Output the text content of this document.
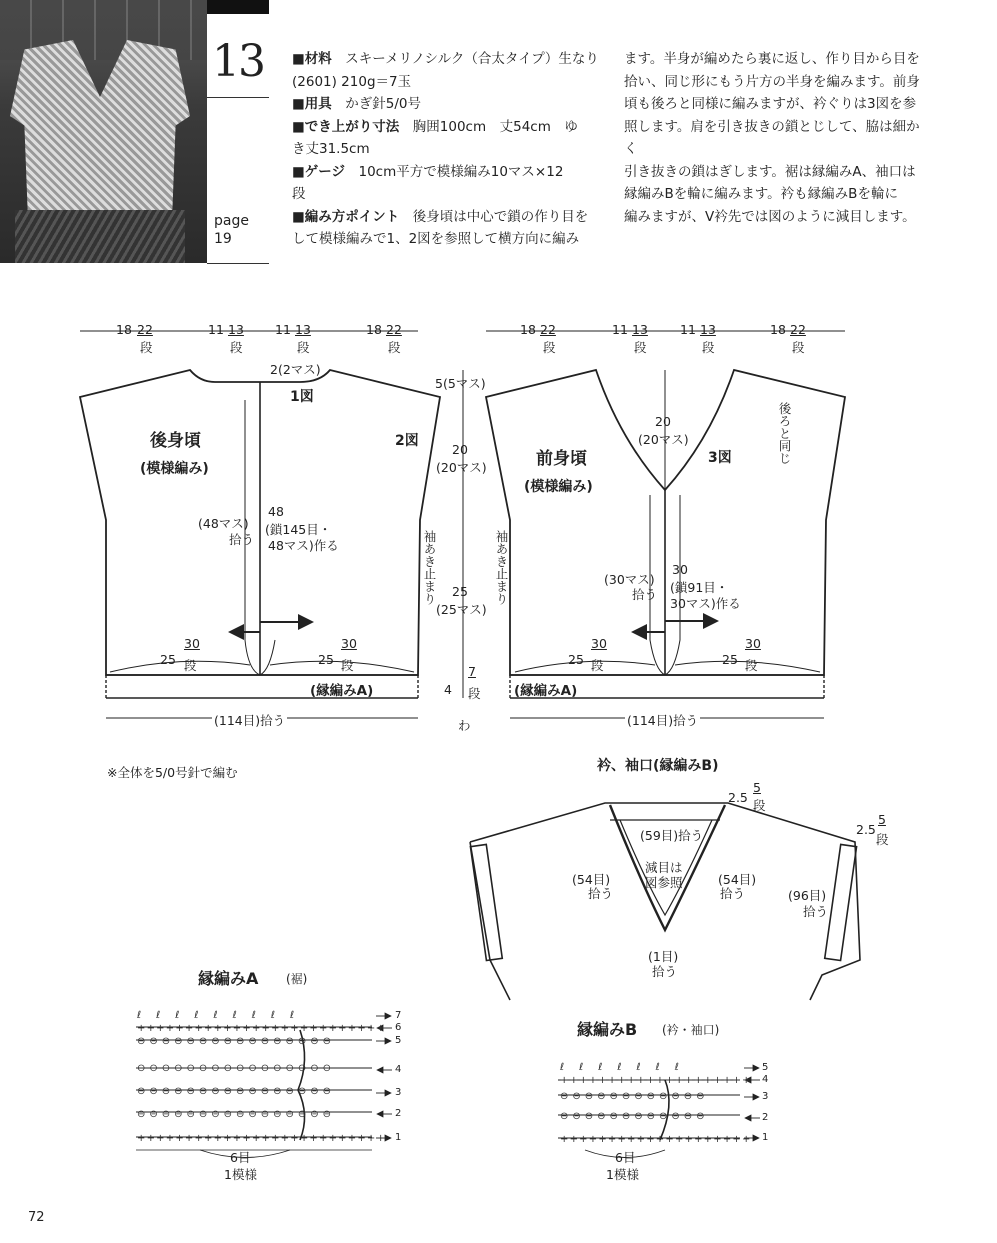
13
page
19
■材料　スキーメリノシルク（合太タイプ）生なり
(2601) 210g＝7玉
■用具　かぎ針5/0号
■でき上がり寸法　胸囲100cm　丈54cm　ゆ
き丈31.5cm
■ゲージ　10cm平方で模様編み10マス×12
段
■編み方ポイント　後身頃は中心で鎖の作り目を
して模様編みで1、2図を参照して横方向に編み
ます。半身が編めたら裏に返し、作り目から目を
拾い、同じ形にもう片方の半身を編みます。前身
頃も後ろと同様に編みますが、衿ぐりは3図を参
照します。肩を引き抜きの鎖とじして、脇は細かく
引き抜きの鎖はぎします。裾は縁編みA、袖口は
縁編みBを輪に編みます。衿も縁編みBを輪に
編みますが、V衿先では図のように減目します。
※全体を5/0号針で編む
72
++++++++++++++++++++++++++
++++++++++++++++++++++++++
⊖⊖⊖⊖⊖⊖⊖⊖⊖⊖⊖⊖⊖⊖⊖⊖
⊖⊖⊖⊖⊖⊖⊖⊖⊖⊖⊖⊖⊖⊖⊖⊖
⊖⊖⊖⊖⊖⊖⊖⊖⊖⊖⊖⊖⊖⊖⊖⊖
⊖⊖⊖⊖⊖⊖⊖⊖⊖⊖⊖⊖⊖⊖⊖⊖
ℓℓℓℓℓℓℓℓℓ
++++++++++++++++++++
++++++++++++++++++++
⊖⊖⊖⊖⊖⊖⊖⊖⊖⊖⊖⊖
⊖⊖⊖⊖⊖⊖⊖⊖⊖⊖⊖⊖
ℓℓℓℓℓℓℓ
18 22
段
11 13
段
11 13
段
18 22
段
18 22
段
11 13
段
11 13
段
18 22
段
後身頃
(模様編み)
1図
2図
2(2マス)
(48マス)
拾う
48
(鎖145目・
48マス)作る
30
25 段
30
25 段
(縁編みA)
(114目)拾う
袖あき止まり
5(5マス)
20
(20マス)
25
(25マス)
7
段
4
わ
前身頃
(模様編み)
3図	後ろと同じ
20
(20マス)
(30マス)
拾う
30
(鎖91目・
30マス)作る
30
25 段
30
25 段
(縁編みA)
(114目)拾う
袖あき止まり
衿、袖口(縁編みB)
2.5
5
段
2.5
5
段
(59目)拾う
(54目)
拾う
(54目)
拾う
減目は
図参照
(1目)
拾う
(96目)
拾う
縁編みA (裾)
7
6
5
4
3
2
1
6目
1模様
縁編みB (衿・袖口)
5
4
3
2
1
6目
1模様
